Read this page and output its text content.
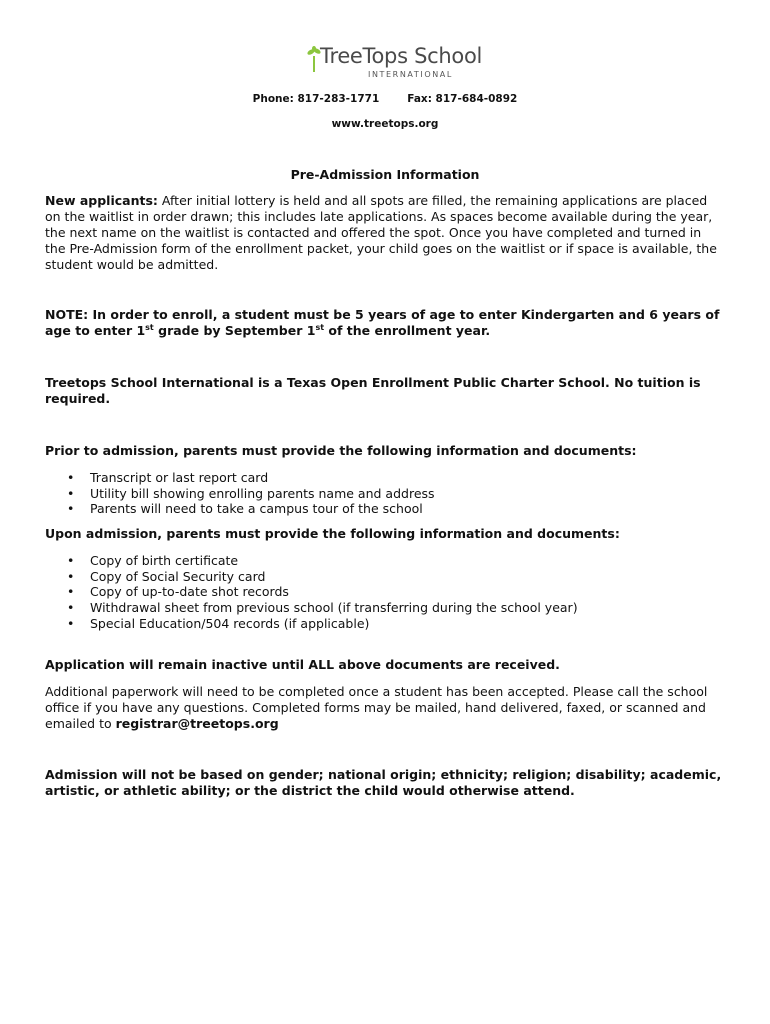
TreeTops School
INTERNATIONAL
Phone: 817-283-1771	Fax: 817-684-0892
www.treetops.org
Pre-Admission Information
New applicants: After initial lottery is held and all spots are filled, the remaining applications are placed on the waitlist in order drawn; this includes late applications. As spaces become available during the year, the next name on the waitlist is contacted and offered the spot. Once you have completed and turned in the Pre-Admission form of the enrollment packet, your child goes on the waitlist or if space is available, the student would be admitted.
NOTE: In order to enroll, a student must be 5 years of age to enter Kindergarten and 6 years of age to enter 1st grade by September 1st of the enrollment year.
Treetops School International is a Texas Open Enrollment Public Charter School. No tuition is required.
Prior to admission, parents must provide the following information and documents:
• Transcript or last report card
• Utility bill showing enrolling parents name and address
• Parents will need to take a campus tour of the school
Upon admission, parents must provide the following information and documents:
• Copy of birth certificate
• Copy of Social Security card
• Copy of up-to-date shot records
• Withdrawal sheet from previous school (if transferring during the school year)
• Special Education/504 records (if applicable)
Application will remain inactive until ALL above documents are received.
Additional paperwork will need to be completed once a student has been accepted. Please call the school office if you have any questions. Completed forms may be mailed, hand delivered, faxed, or scanned and emailed to registrar@treetops.org
Admission will not be based on gender; national origin; ethnicity; religion; disability; academic, artistic, or athletic ability; or the district the child would otherwise attend.
